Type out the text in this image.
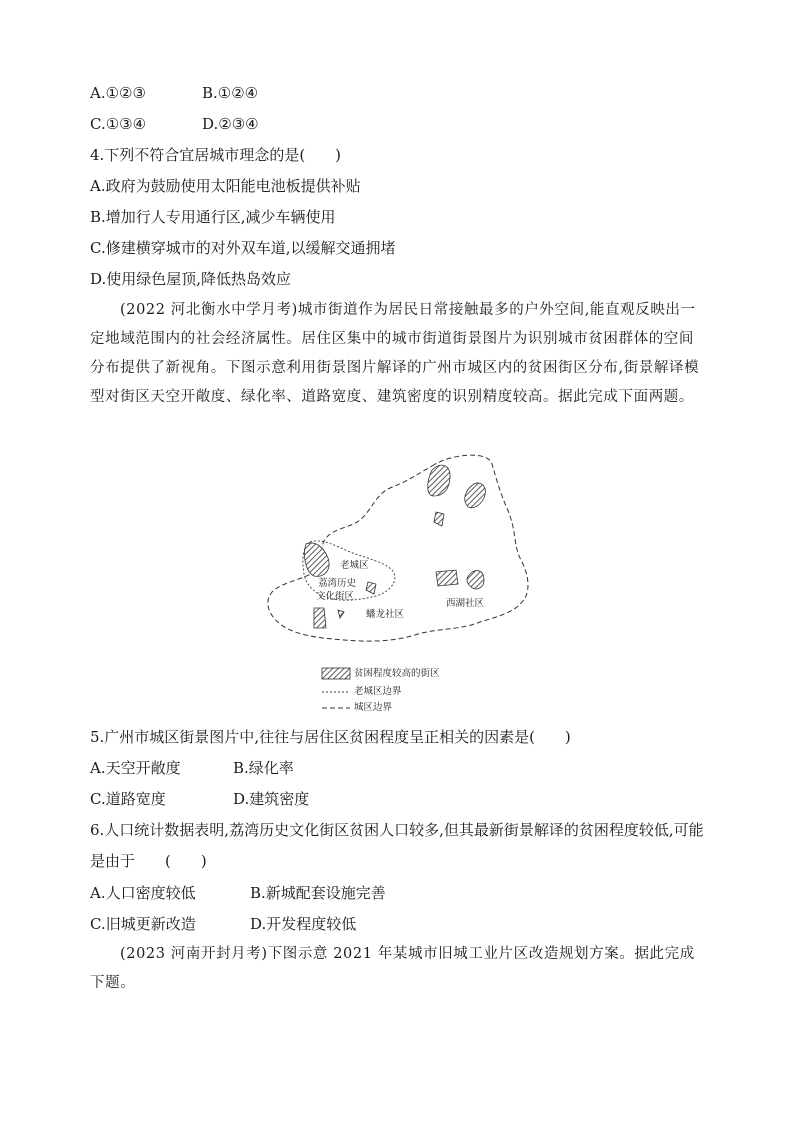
A.①②③	B.①②④
C.①③④	D.②③④
4.下列不符合宜居城市理念的是(　　)
A.政府为鼓励使用太阳能电池板提供补贴
B.增加行人专用通行区,减少车辆使用
C.修建横穿城市的对外双车道,以缓解交通拥堵
D.使用绿色屋顶,降低热岛效应
(2022 河北衡水中学月考)城市街道作为居民日常接触最多的户外空间,能直观反映出一定地域范围内的社会经济属性。居住区集中的城市街道街景图片为识别城市贫困群体的空间分布提供了新视角。下图示意利用街景图片解译的广州市城区内的贫困街区分布,街景解译模型对街区天空开敞度、绿化率、道路宽度、建筑密度的识别精度较高。据此完成下面两题。
老城区
荔湾历史
文化街区
蟠龙社区
西湖社区
贫困程度较高的街区
老城区边界
城区边界
5.广州市城区街景图片中,往往与居住区贫困程度呈正相关的因素是(　　)
A.天空开敞度	B.绿化率
C.道路宽度	D.建筑密度
6.人口统计数据表明,荔湾历史文化街区贫困人口较多,但其最新街景解译的贫困程度较低,可能是由于　　(　　)
A.人口密度较低	B.新城配套设施完善
C.旧城更新改造	D.开发程度较低
(2023 河南开封月考)下图示意 2021 年某城市旧城工业片区改造规划方案。据此完成下题。
